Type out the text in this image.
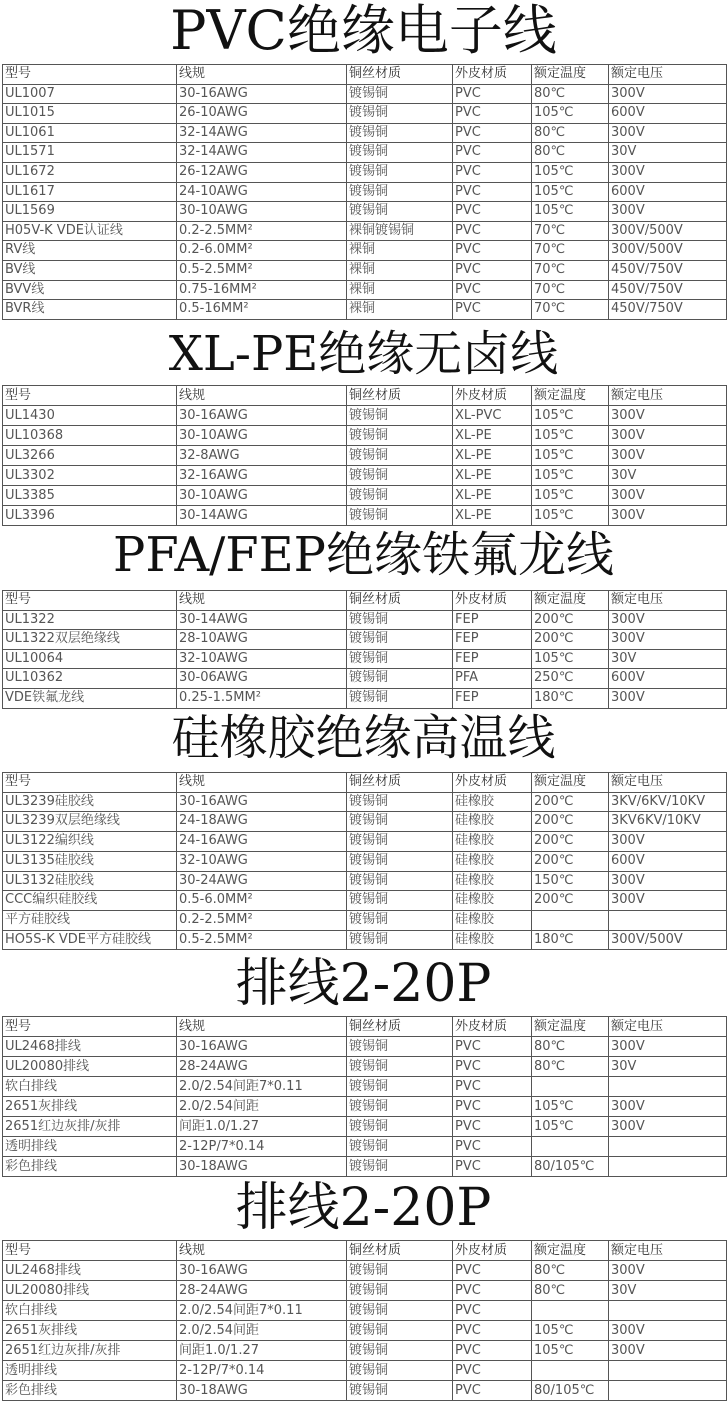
PVC绝缘电子线
型号	线规	铜丝材质	外皮材质	额定温度	额定电压
UL1007	30-16AWG	镀锡铜	PVC	80℃	300V
UL1015	26-10AWG	镀锡铜	PVC	105℃	600V
UL1061	32-14AWG	镀锡铜	PVC	80℃	300V
UL1571	32-14AWG	镀锡铜	PVC	80℃	30V
UL1672	26-12AWG	镀锡铜	PVC	105℃	300V
UL1617	24-10AWG	镀锡铜	PVC	105℃	600V
UL1569	30-10AWG	镀锡铜	PVC	105℃	300V
H05V-K VDE认证线	0.2-2.5MM²	裸铜镀锡铜	PVC	70℃	300V/500V
RV线	0.2-6.0MM²	裸铜	PVC	70℃	300V/500V
BV线	0.5-2.5MM²	裸铜	PVC	70℃	450V/750V
BVV线	0.75-16MM²	裸铜	PVC	70℃	450V/750V
BVR线	0.5-16MM²	裸铜	PVC	70℃	450V/750V
XL-PE绝缘无卤线
型号	线规	铜丝材质	外皮材质	额定温度	额定电压
UL1430	30-16AWG	镀锡铜	XL-PVC	105℃	300V
UL10368	30-10AWG	镀锡铜	XL-PE	105℃	300V
UL3266	32-8AWG	镀锡铜	XL-PE	105℃	300V
UL3302	32-16AWG	镀锡铜	XL-PE	105℃	30V
UL3385	30-10AWG	镀锡铜	XL-PE	105℃	300V
UL3396	30-14AWG	镀锡铜	XL-PE	105℃	300V
PFA/FEP绝缘铁氟龙线
型号	线规	铜丝材质	外皮材质	额定温度	额定电压
UL1322	30-14AWG	镀锡铜	FEP	200℃	300V
UL1322双层绝缘线	28-10AWG	镀锡铜	FEP	200℃	300V
UL10064	32-10AWG	镀锡铜	FEP	105℃	30V
UL10362	30-06AWG	镀锡铜	PFA	250℃	600V
VDE铁氟龙线	0.25-1.5MM²	镀锡铜	FEP	180℃	300V
硅橡胶绝缘高温线
型号	线规	铜丝材质	外皮材质	额定温度	额定电压
UL3239硅胶线	30-16AWG	镀锡铜	硅橡胶	200℃	3KV/6KV/10KV
UL3239双层绝缘线	24-18AWG	镀锡铜	硅橡胶	200℃	3KV6KV/10KV
UL3122编织线	24-16AWG	镀锡铜	硅橡胶	200℃	300V
UL3135硅胶线	32-10AWG	镀锡铜	硅橡胶	200℃	600V
UL3132硅胶线	30-24AWG	镀锡铜	硅橡胶	150℃	300V
CCC编织硅胶线	0.5-6.0MM²	镀锡铜	硅橡胶	200℃	300V
平方硅胶线	0.2-2.5MM²	镀锡铜	硅橡胶		
HO5S-K VDE平方硅胶线	0.5-2.5MM²	镀锡铜	硅橡胶	180℃	300V/500V
排线2-20P
型号	线规	铜丝材质	外皮材质	额定温度	额定电压
UL2468排线	30-16AWG	镀锡铜	PVC	80℃	300V
UL20080排线	28-24AWG	镀锡铜	PVC	80℃	30V
软白排线	2.0/2.54间距7*0.11	镀锡铜	PVC		
2651灰排线	2.0/2.54间距	镀锡铜	PVC	105℃	300V
2651红边灰排/灰排	间距1.0/1.27	镀锡铜	PVC	105℃	300V
透明排线	2-12P/7*0.14	镀锡铜	PVC		
彩色排线	30-18AWG	镀锡铜	PVC	80/105℃	
排线2-20P
型号	线规	铜丝材质	外皮材质	额定温度	额定电压
UL2468排线	30-16AWG	镀锡铜	PVC	80℃	300V
UL20080排线	28-24AWG	镀锡铜	PVC	80℃	30V
软白排线	2.0/2.54间距7*0.11	镀锡铜	PVC		
2651灰排线	2.0/2.54间距	镀锡铜	PVC	105℃	300V
2651红边灰排/灰排	间距1.0/1.27	镀锡铜	PVC	105℃	300V
透明排线	2-12P/7*0.14	镀锡铜	PVC		
彩色排线	30-18AWG	镀锡铜	PVC	80/105℃	
